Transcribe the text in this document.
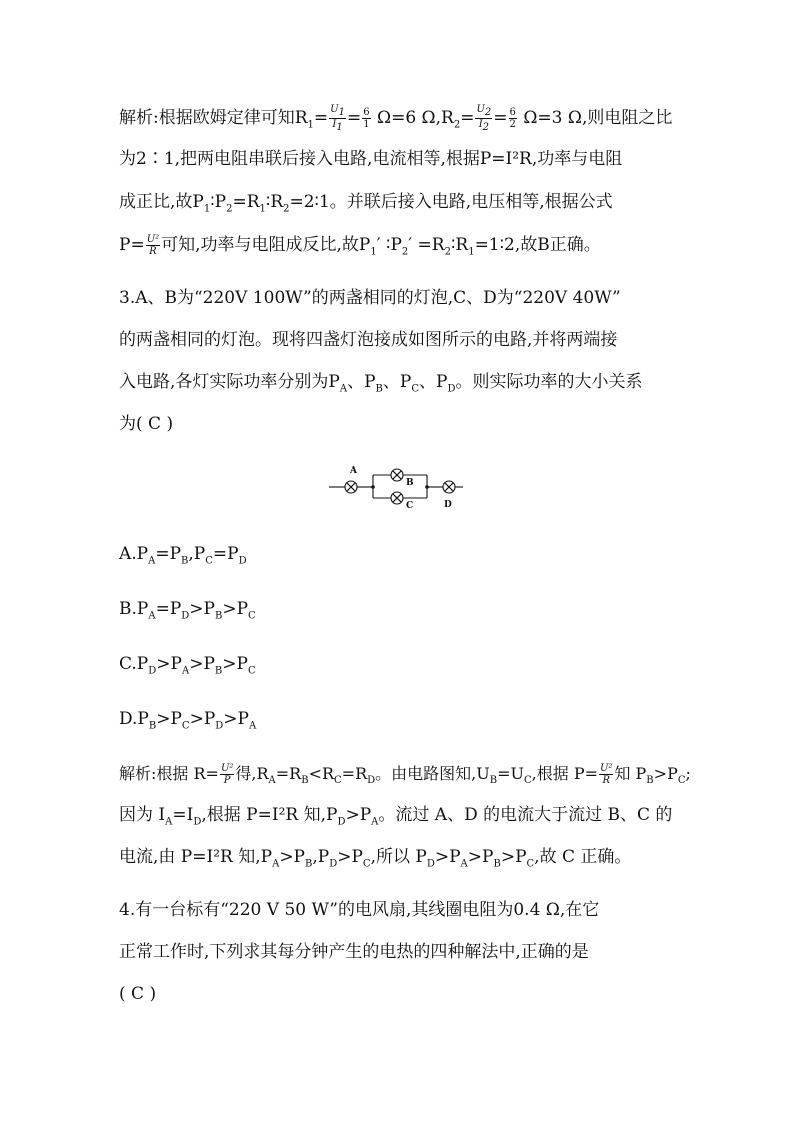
解析:根据欧姆定律可知$R_1= \frac{U_1}{I_1} = \frac{6}{1} \Omega=6$ $\Omega,R_2= \frac{U_2}{I_2} = \frac{6}{2} \Omega=3$ Ω,则电阻之比
为2∶1,把两电阻串联后接入电路,电流相等,根据P=I²R,功率与电阻
成正比,故$P_1∶P_2=R_1∶R_2=2∶1$。并联后接入电路,电压相等,根据公式
$P= \frac{\text{U²}}{R}$ 可知,功率与电阻成反比,故$P_1'$ $∶P_2'$ $=R_2∶R_1=1∶2$,故B正确。
3.A、B为“220V 100W”的两盏相同的灯泡,C、D为“220V 40W”
的两盏相同的灯泡。现将四盏灯泡接成如图所示的电路,并将两端接
入电路,各灯实际功率分别为$P_A$、$P_B$、$P_C$、$P_D$。则实际功率的大小关系
为( C )
A
B
C	D
$A.P_A=P_B,P_C=P_D$
$B.P_A=P_D>P_B>P_C$
$C.P_D>P_A>P_B>P_C$
$D.P_B>P_C>P_D>P_A$
解析:根据 $R= \frac{\text{U²}}{P}$ 得$,R_A=R_B<R_C=R_D$。由电路图知$,U_B=U_C$,根据 $P= \frac{\text{U²}}{R}$ 知 $P_B>P_C$;
因为 $I_A=I_D$,根据 P=I²R 知$,P_D>P_A$。流过 A、D 的电流大于流过 B、C 的
电流,由 P=I²R 知$,P_A>P_B,P_D>P_C$,所以 $P_D>P_A>P_B>P_C$,故 C 正确。
4.有一台标有“220 V 50 W”的电风扇,其线圈电阻为0.4 Ω,在它
正常工作时,下列求其每分钟产生的电热的四种解法中,正确的是
( C )
